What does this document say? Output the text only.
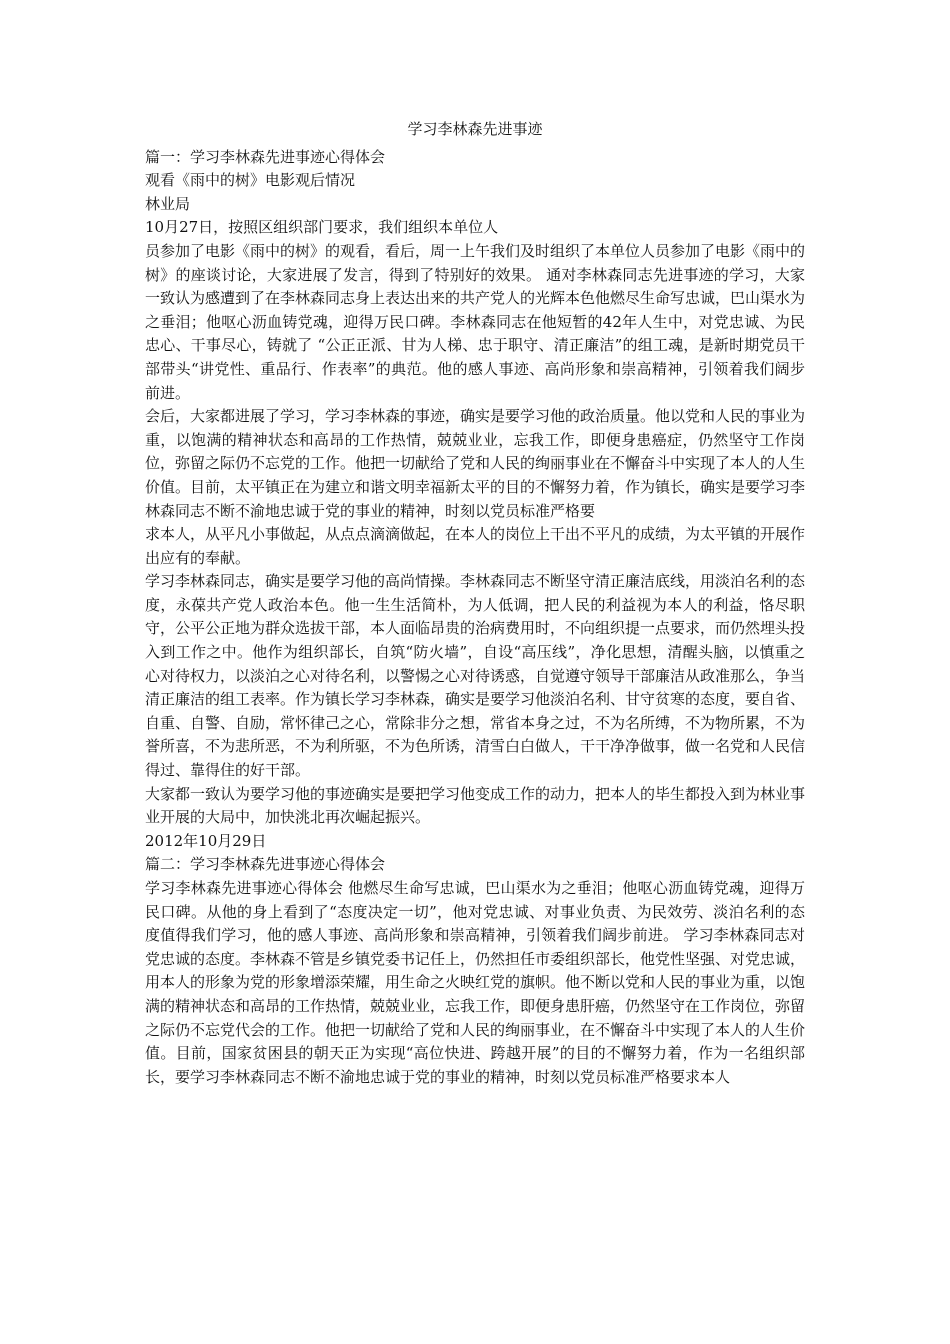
学习李林森先进事迹

篇一：学习李林森先进事迹心得体会

观看《雨中的树》电影观后情况

林业局

10月27日，按照区组织部门要求，我们组织本单位人

员参加了电影《雨中的树》的观看，看后，周一上午我们及时组织了本单位人员参加了电影《雨中的树》的座谈讨论，大家进展了发言，得到了特别好的效果。 通对李林森同志先进事迹的学习，大家一致认为感遭到了在李林森同志身上表达出来的共产党人的光辉本色他燃尽生命写忠诚，巴山渠水为之垂泪；他呕心沥血铸党魂，迎得万民口碑。李林森同志在他短暂的42年人生中，对党忠诚、为民忠心、干事尽心，铸就了 “公正正派、甘为人梯、忠于职守、清正廉洁”的组工魂，是新时期党员干部带头“讲党性、重品行、作表率”的典范。他的感人事迹、高尚形象和崇高精神，引领着我们阔步前进。

会后，大家都进展了学习，学习李林森的事迹，确实是要学习他的政治质量。他以党和人民的事业为重，以饱满的精神状态和高昂的工作热情，兢兢业业，忘我工作，即便身患癌症，仍然坚守工作岗位，弥留之际仍不忘党的工作。他把一切献给了党和人民的绚丽事业在不懈奋斗中实现了本人的人生价值。目前，太平镇正在为建立和谐文明幸福新太平的目的不懈努力着，作为镇长，确实是要学习李林森同志不断不渝地忠诚于党的事业的精神，时刻以党员标准严格要

求本人，从平凡小事做起，从点点滴滴做起，在本人的岗位上干出不平凡的成绩，为太平镇的开展作出应有的奉献。

学习李林森同志，确实是要学习他的高尚情操。李林森同志不断坚守清正廉洁底线，用淡泊名利的态度，永葆共产党人政治本色。他一生生活简朴，为人低调，把人民的利益视为本人的利益，恪尽职守，公平公正地为群众选拔干部，本人面临昂贵的治病费用时，不向组织提一点要求，而仍然埋头投入到工作之中。他作为组织部长，自筑“防火墙”，自设“高压线”，净化思想，清醒头脑，以慎重之心对待权力，以淡泊之心对待名利，以警惕之心对待诱惑，自觉遵守领导干部廉洁从政准那么，争当清正廉洁的组工表率。作为镇长学习李林森，确实是要学习他淡泊名利、甘守贫寒的态度，要自省、自重、自警、自励，常怀律己之心，常除非分之想，常省本身之过，不为名所缚，不为物所累，不为誉所喜，不为悲所恶，不为利所驱，不为色所诱，清雪白白做人，干干净净做事，做一名党和人民信得过、靠得住的好干部。

大家都一致认为要学习他的事迹确实是要把学习他变成工作的动力，把本人的毕生都投入到为林业事业开展的大局中，加快洮北再次崛起振兴。

2012年10月29日

篇二：学习李林森先进事迹心得体会

学习李林森先进事迹心得体会 他燃尽生命写忠诚，巴山渠水为之垂泪；他呕心沥血铸党魂，迎得万民口碑。从他的身上看到了“态度决定一切”，他对党忠诚、对事业负责、为民效劳、淡泊名利的态度值得我们学习，他的感人事迹、高尚形象和崇高精神，引领着我们阔步前进。 学习李林森同志对党忠诚的态度。李林森不管是乡镇党委书记任上，仍然担任市委组织部长，他党性坚强、对党忠诚，用本人的形象为党的形象增添荣耀，用生命之火映红党的旗帜。他不断以党和人民的事业为重，以饱满的精神状态和高昂的工作热情，兢兢业业，忘我工作，即便身患肝癌，仍然坚守在工作岗位，弥留之际仍不忘党代会的工作。他把一切献给了党和人民的绚丽事业，在不懈奋斗中实现了本人的人生价值。目前，国家贫困县的朝天正为实现“高位快进、跨越开展”的目的不懈努力着，作为一名组织部长，要学习李林森同志不断不渝地忠诚于党的事业的精神，时刻以党员标准严格要求本人
